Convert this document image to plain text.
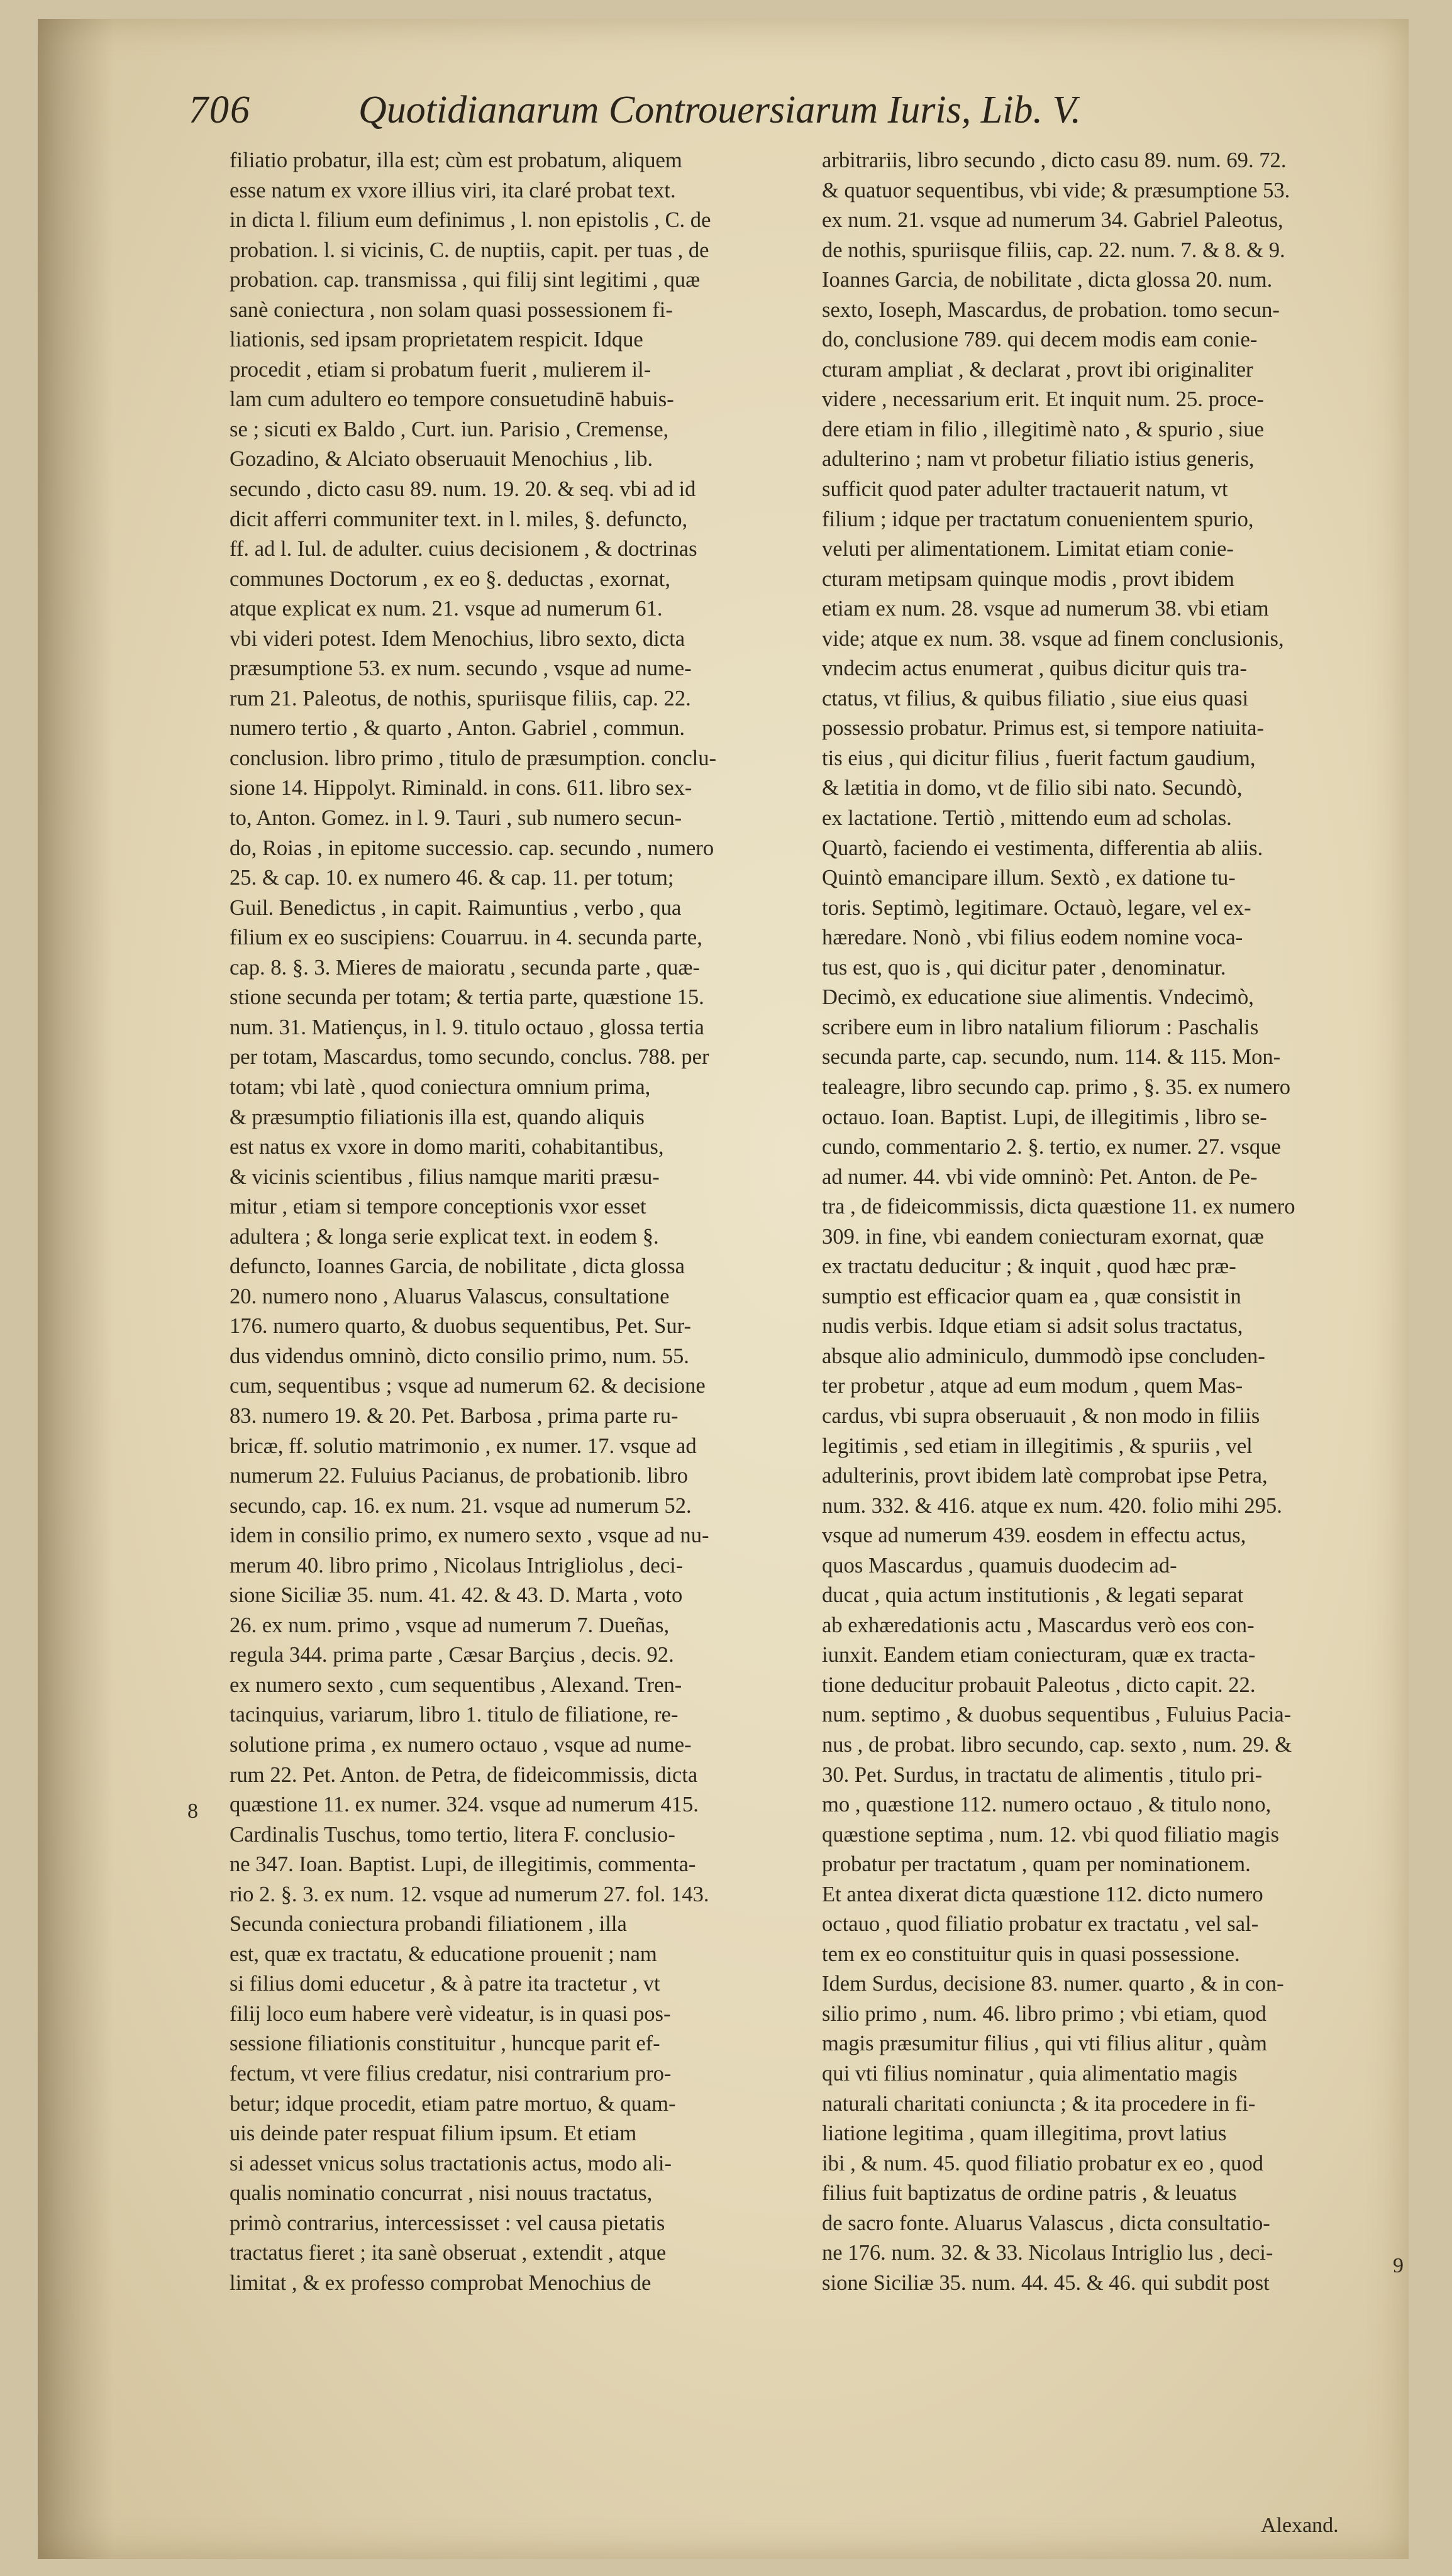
706	Quotidianarum Controuersiarum Iuris, Lib. V.
filiatio probatur, illa est; cùm est probatum, aliquem
esse natum ex vxore illius viri, ita claré probat text.
in dicta l. filium eum definimus , l. non epistolis , C. de
probation. l. si vicinis, C. de nuptiis, capit. per tuas , de
probation. cap. transmissa , qui filij sint legitimi , quæ
sanè coniectura , non solam quasi possessionem fi-
liationis, sed ipsam proprietatem respicit. Idque
procedit , etiam si probatum fuerit , mulierem il-
lam cum adultero eo tempore consuetudinē habuis-
se ; sicuti ex Baldo , Curt. iun. Parisio , Cremense,
Gozadino, & Alciato obseruauit Menochius , lib.
secundo , dicto casu 89. num. 19. 20. & seq. vbi ad id
dicit afferri communiter text. in l. miles, §. defuncto,
ff. ad l. Iul. de adulter. cuius decisionem , & doctrinas
communes Doctorum , ex eo §. deductas , exornat,
atque explicat ex num. 21. vsque ad numerum 61.
vbi videri potest. Idem Menochius, libro sexto, dicta
præsumptione 53. ex num. secundo , vsque ad nume-
rum 21. Paleotus, de nothis, spuriisque filiis, cap. 22.
numero tertio , & quarto , Anton. Gabriel , commun.
conclusion. libro primo , titulo de præsumption. conclu-
sione 14. Hippolyt. Riminald. in cons. 611. libro sex-
to, Anton. Gomez. in l. 9. Tauri , sub numero secun-
do, Roias , in epitome successio. cap. secundo , numero
25. & cap. 10. ex numero 46. & cap. 11. per totum;
Guil. Benedictus , in capit. Raimuntius , verbo , qua
filium ex eo suscipiens: Couarruu. in 4. secunda parte,
cap. 8. §. 3. Mieres de maioratu , secunda parte , quæ-
stione secunda per totam; & tertia parte, quæstione 15.
num. 31. Matiençus, in l. 9. titulo octauo , glossa tertia
per totam, Mascardus, tomo secundo, conclus. 788. per
totam; vbi latè , quod coniectura omnium prima,
& præsumptio filiationis illa est, quando aliquis
est natus ex vxore in domo mariti, cohabitantibus,
& vicinis scientibus , filius namque mariti præsu-
mitur , etiam si tempore conceptionis vxor esset
adultera ; & longa serie explicat text. in eodem §.
defuncto, Ioannes Garcia, de nobilitate , dicta glossa
20. numero nono , Aluarus Valascus, consultatione
176. numero quarto, & duobus sequentibus, Pet. Sur-
dus videndus omninò, dicto consilio primo, num. 55.
cum, sequentibus ; vsque ad numerum 62. & decisione
83. numero 19. & 20. Pet. Barbosa , prima parte ru-
bricæ, ff. solutio matrimonio , ex numer. 17. vsque ad
numerum 22. Fuluius Pacianus, de probationib. libro
secundo, cap. 16. ex num. 21. vsque ad numerum 52.
idem in consilio primo, ex numero sexto , vsque ad nu-
merum 40. libro primo , Nicolaus Intrigliolus , deci-
sione Siciliæ 35. num. 41. 42. & 43. D. Marta , voto
26. ex num. primo , vsque ad numerum 7. Dueñas,
regula 344. prima parte , Cæsar Barçius , decis. 92.
ex numero sexto , cum sequentibus , Alexand. Tren-
tacinquius, variarum, libro 1. titulo de filiatione, re-
solutione prima , ex numero octauo , vsque ad nume-
rum 22. Pet. Anton. de Petra, de fideicommissis, dicta
quæstione 11. ex numer. 324. vsque ad numerum 415.
Cardinalis Tuschus, tomo tertio, litera F. conclusio-
ne 347. Ioan. Baptist. Lupi, de illegitimis, commenta-
rio 2. §. 3. ex num. 12. vsque ad numerum 27. fol. 143.
Secunda coniectura probandi filiationem , illa
est, quæ ex tractatu, & educatione prouenit ; nam
si filius domi educetur , & à patre ita tractetur , vt
filij loco eum habere verè videatur, is in quasi pos-
sessione filiationis constituitur , huncque parit ef-
fectum, vt vere filius credatur, nisi contrarium pro-
betur; idque procedit, etiam patre mortuo, & quam-
uis deinde pater respuat filium ipsum. Et etiam
si adesset vnicus solus tractationis actus, modo ali-
qualis nominatio concurrat , nisi nouus tractatus,
primò contrarius, intercessisset : vel causa pietatis
tractatus fieret ; ita sanè obseruat , extendit , atque
limitat , & ex professo comprobat Menochius de
arbitrariis, libro secundo , dicto casu 89. num. 69. 72.
& quatuor sequentibus, vbi vide; & præsumptione 53.
ex num. 21. vsque ad numerum 34. Gabriel Paleotus,
de nothis, spuriisque filiis, cap. 22. num. 7. & 8. & 9.
Ioannes Garcia, de nobilitate , dicta glossa 20. num.
sexto, Ioseph, Mascardus, de probation. tomo secun-
do, conclusione 789. qui decem modis eam conie-
cturam ampliat , & declarat , provt ibi originaliter
videre , necessarium erit. Et inquit num. 25. proce-
dere etiam in filio , illegitimè nato , & spurio , siue
adulterino ; nam vt probetur filiatio istius generis,
sufficit quod pater adulter tractauerit natum, vt
filium ; idque per tractatum conuenientem spurio,
veluti per alimentationem. Limitat etiam conie-
cturam metipsam quinque modis , provt ibidem
etiam ex num. 28. vsque ad numerum 38. vbi etiam
vide; atque ex num. 38. vsque ad finem conclusionis,
vndecim actus enumerat , quibus dicitur quis tra-
ctatus, vt filius, & quibus filiatio , siue eius quasi
possessio probatur. Primus est, si tempore natiuita-
tis eius , qui dicitur filius , fuerit factum gaudium,
& lætitia in domo, vt de filio sibi nato. Secundò,
ex lactatione. Tertiò , mittendo eum ad scholas.
Quartò, faciendo ei vestimenta, differentia ab aliis.
Quintò emancipare illum. Sextò , ex datione tu-
toris. Septimò, legitimare. Octauò, legare, vel ex-
hæredare. Nonò , vbi filius eodem nomine voca-
tus est, quo is , qui dicitur pater , denominatur.
Decimò, ex educatione siue alimentis. Vndecimò,
scribere eum in libro natalium filiorum : Paschalis
secunda parte, cap. secundo, num. 114. & 115. Mon-
tealeagre, libro secundo cap. primo , §. 35. ex numero
octauo. Ioan. Baptist. Lupi, de illegitimis , libro se-
cundo, commentario 2. §. tertio, ex numer. 27. vsque
ad numer. 44. vbi vide omninò: Pet. Anton. de Pe-
tra , de fideicommissis, dicta quæstione 11. ex numero
309. in fine, vbi eandem coniecturam exornat, quæ
ex tractatu deducitur ; & inquit , quod hæc præ-
sumptio est efficacior quam ea , quæ consistit in
nudis verbis. Idque etiam si adsit solus tractatus,
absque alio adminiculo, dummodò ipse concluden-
ter probetur , atque ad eum modum , quem Mas-
cardus, vbi supra obseruauit , & non modo in filiis
legitimis , sed etiam in illegitimis , & spuriis , vel
adulterinis, provt ibidem latè comprobat ipse Petra,
num. 332. & 416. atque ex num. 420. folio mihi 295.
vsque ad numerum 439. eosdem in effectu actus,
quos Mascardus , quamuis duodecim ad-
ducat , quia actum institutionis , & legati separat
ab exhæredationis actu , Mascardus verò eos con-
iunxit. Eandem etiam coniecturam, quæ ex tracta-
tione deducitur probauit Paleotus , dicto capit. 22.
num. septimo , & duobus sequentibus , Fuluius Pacia-
nus , de probat. libro secundo, cap. sexto , num. 29. &
30. Pet. Surdus, in tractatu de alimentis , titulo pri-
mo , quæstione 112. numero octauo , & titulo nono,
quæstione septima , num. 12. vbi quod filiatio magis
probatur per tractatum , quam per nominationem.
Et antea dixerat dicta quæstione 112. dicto numero
octauo , quod filiatio probatur ex tractatu , vel sal-
tem ex eo constituitur quis in quasi possessione.
Idem Surdus, decisione 83. numer. quarto , & in con-
silio primo , num. 46. libro primo ; vbi etiam, quod
magis præsumitur filius , qui vti filius alitur , quàm
qui vti filius nominatur , quia alimentatio magis
naturali charitati coniuncta ; & ita procedere in fi-
liatione legitima , quam illegitima, provt latius
ibi , & num. 45. quod filiatio probatur ex eo , quod
filius fuit baptizatus de ordine patris , & leuatus
de sacro fonte. Aluarus Valascus , dicta consultatio-
ne 176. num. 32. & 33. Nicolaus Intriglio lus , deci-
sione Siciliæ 35. num. 44. 45. & 46. qui subdit post
8
9
Alexand.
